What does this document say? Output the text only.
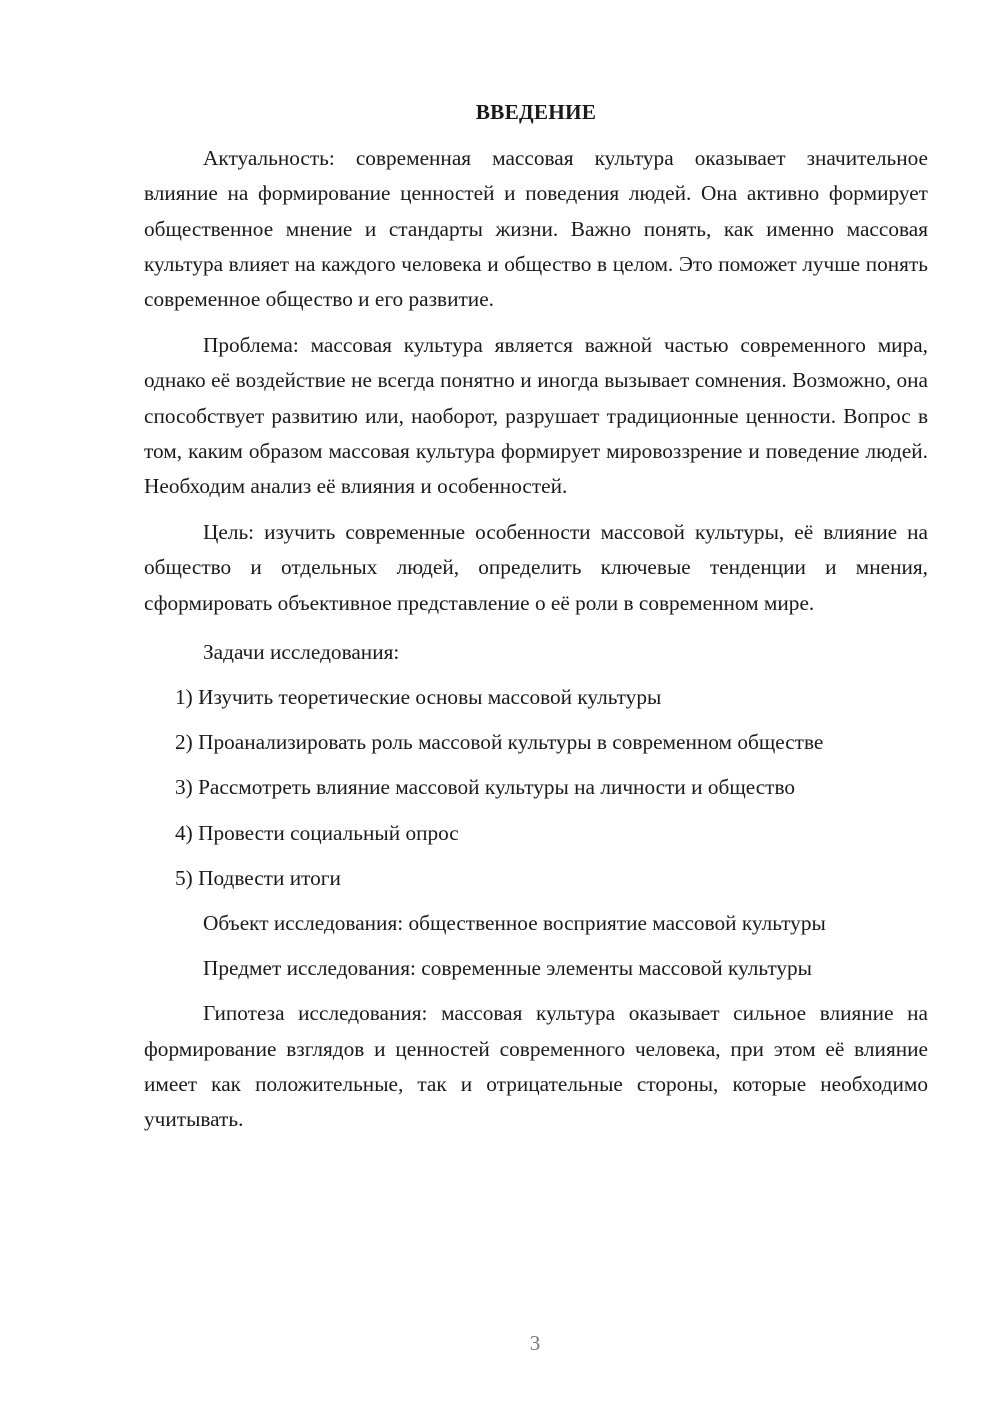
ВВЕДЕНИЕ

Актуальность: современная массовая культура оказывает значительное влияние на формирование ценностей и поведения людей. Она активно формирует общественное мнение и стандарты жизни. Важно понять, как именно массовая культура влияет на каждого человека и общество в целом. Это поможет лучше понять современное общество и его развитие.

Проблема: массовая культура является важной частью современного мира, однако её воздействие не всегда понятно и иногда вызывает сомнения. Возможно, она способствует развитию или, наоборот, разрушает традиционные ценности. Вопрос в том, каким образом массовая культура формирует мировоззрение и поведение людей. Необходим анализ её влияния и особенностей.

Цель: изучить современные особенности массовой культуры, её влияние на общество и отдельных людей, определить ключевые тенденции и мнения, сформировать объективное представление о её роли в современном мире.

Задачи исследования:

1) Изучить теоретические основы массовой культуры

2) Проанализировать роль массовой культуры в современном обществе

3) Рассмотреть влияние массовой культуры на личности и общество

4) Провести социальный опрос

5) Подвести итоги

Объект исследования: общественное восприятие массовой культуры

Предмет исследования: современные элементы массовой культуры

Гипотеза исследования: массовая культура оказывает сильное влияние на формирование взглядов и ценностей современного человека, при этом её влияние имеет как положительные, так и отрицательные стороны, которые необходимо учитывать.

3
